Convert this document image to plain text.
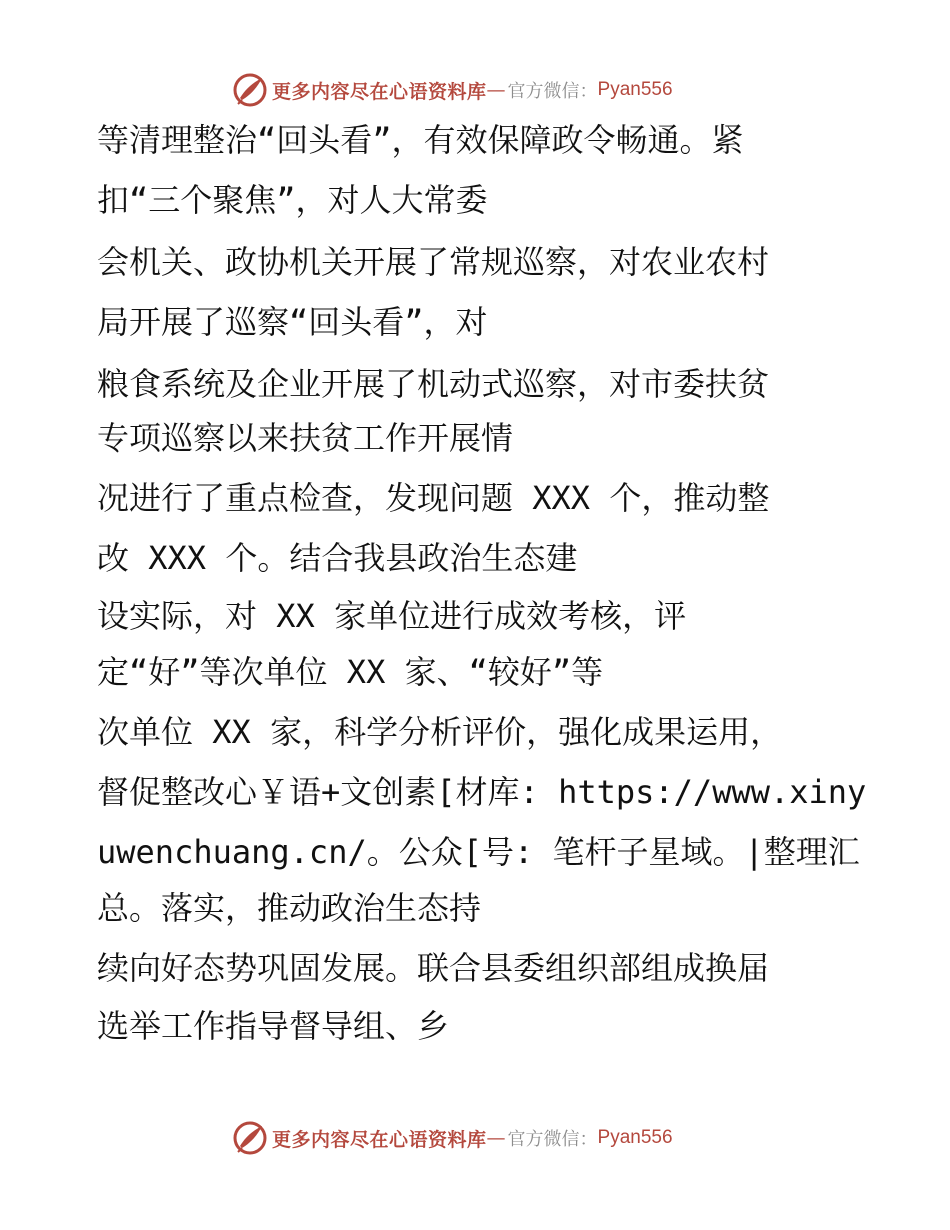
更多内容尽在心语资料库 — 官方微信： Pyan556
等清理整治“回头看”，有效保障政令畅通。紧
扣“三个聚焦”，对人大常委
会机关、政协机关开展了常规巡察，对农业农村
局开展了巡察“回头看”，对
粮食系统及企业开展了机动式巡察，对市委扶贫
专项巡察以来扶贫工作开展情
况进行了重点检查，发现问题 XXX 个，推动整
改 XXX 个。结合我县政治生态建
设实际，对 XX 家单位进行成效考核，评
定“好”等次单位 XX 家、“较好”等
次单位 XX 家，科学分析评价，强化成果运用，
督促整改心￥语+文创素[材库: https://www.xiny
uwenchuang.cn/。公众[号: 笔杆子星域。|整理汇
总。落实，推动政治生态持
续向好态势巩固发展。联合县委组织部组成换届
选举工作指导督导组、乡
更多内容尽在心语资料库 — 官方微信： Pyan556
